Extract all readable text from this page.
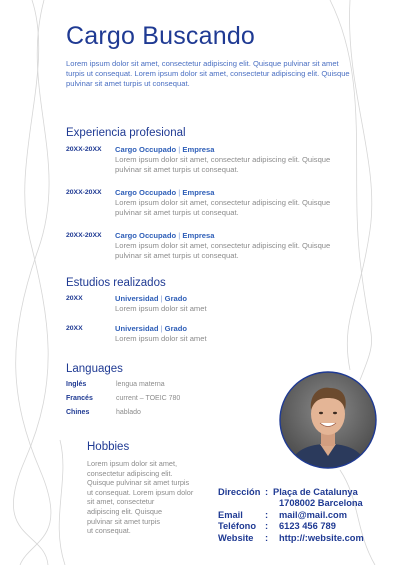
Cargo Buscando
Lorem ipsum dolor sit amet, consectetur adipiscing elit. Quisque pulvinar sit amet turpis ut consequat. Lorem ipsum dolor sit amet, consectetur adipiscing elit. Quisque pulvinar sit amet turpis ut consequat.
Experiencia profesional
20XX-20XX Cargo Occupado | Empresa
Lorem ipsum dolor sit amet, consectetur adipiscing elit. Quisque
pulvinar sit amet turpis ut consequat.
20XX-20XX Cargo Occupado | Empresa
Lorem ipsum dolor sit amet, consectetur adipiscing elit. Quisque
pulvinar sit amet turpis ut consequat.
20XX-20XX Cargo Occupado | Empresa
Lorem ipsum dolor sit amet, consectetur adipiscing elit. Quisque
pulvinar sit amet turpis ut consequat.
Estudios realizados
20XX	Universidad | Grado
Lorem ipsum dolor sit amet
20XX	Universidad | Grado
Lorem ipsum dolor sit amet
Languages
Inglés	lengua materna
Francés	current – TOEIC 780
Chines	hablado
Hobbies
Lorem ipsum dolor sit amet,
consectetur adipiscing elit.
Quisque pulvinar sit amet turpis
ut consequat. Lorem ipsum dolor
sit amet, consectetur
adipiscing elit. Quisque
pulvinar sit amet turpis
ut consequat.
Dirección : Plaça de Catalunya
1708002 Barcelona
Email	:	mail@mail.com
Teléfono :	6123 456 789
Website	:	http://:website.com
